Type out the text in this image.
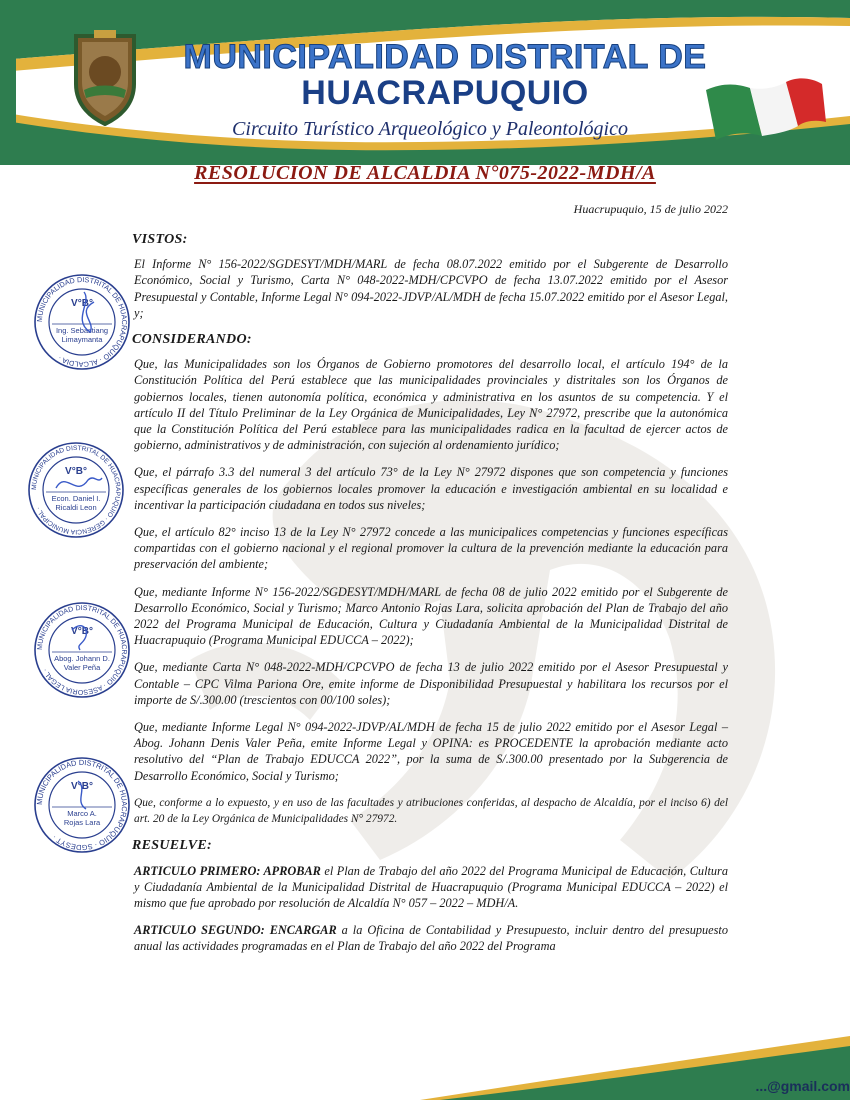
MUNICIPALIDAD DISTRITAL DE
HUACRAPUQUIO
Circuito Turístico Arqueológico y Paleontológico
RESOLUCION DE ALCALDIA N°075-2022-MDH/A
Huacrupuquio, 15 de julio 2022
VISTOS:

El Informe N° 156-2022/SGDESYT/MDH/MARL de fecha 08.07.2022 emitido por el Subgerente de Desarrollo Económico, Social y Turismo, Carta N° 048-2022-MDH/CPCVPO de fecha 13.07.2022 emitido por el Asesor Presupuestal y Contable, Informe Legal N° 094-2022-JDVP/AL/MDH de fecha 15.07.2022 emitido por el Asesor Legal, y;

CONSIDERANDO:

Que, las Municipalidades son los Órganos de Gobierno promotores del desarrollo local, el artículo 194° de la Constitución Política del Perú establece que las municipalidades provinciales y distritales son los Órganos de gobiernos locales, tienen autonomía política, económica y administrativa en los asuntos de su competencia. Y el artículo II del Título Preliminar de la Ley Orgánica de Municipalidades, Ley N° 27972, prescribe que la autonómica que la Constitución Política del Perú establece para las municipalidades radica en la facultad de ejercer actos de gobierno, administrativos y de administración, con sujeción al ordenamiento jurídico;

Que, el párrafo 3.3 del numeral 3 del artículo 73° de la Ley N° 27972 dispones que son competencia y funciones específicas generales de los gobiernos locales promover la educación e investigación ambiental en su localidad e incentivar la participación ciudadana en todos sus niveles;

Que, el artículo 82° inciso 13 de la Ley N° 27972 concede a las municipalices competencias y funciones específicas compartidas con el gobierno nacional y el regional promover la cultura de la prevención mediante la educación para preservación del ambiente;

Que, mediante Informe N° 156-2022/SGDESYT/MDH/MARL de fecha 08 de julio 2022 emitido por el Subgerente de Desarrollo Económico, Social y Turismo; Marco Antonio Rojas Lara, solicita aprobación del Plan de Trabajo del año 2022 del Programa Municipal de Educación, Cultura y Ciudadanía Ambiental de la Municipalidad Distrital de Huacrapuquio (Programa Municipal EDUCCA – 2022);

Que, mediante Carta N° 048-2022-MDH/CPCVPO de fecha 13 de julio 2022 emitido por el Asesor Presupuestal y Contable – CPC Vilma Pariona Ore, emite informe de Disponibilidad Presupuestal y habilitara los recursos por el importe de S/.300.00 (trescientos con 00/100 soles);

Que, mediante Informe Legal N° 094-2022-JDVP/AL/MDH de fecha 15 de julio 2022 emitido por el Asesor Legal – Abog. Johann Denis Valer Peña, emite Informe Legal y OPINA: es PROCEDENTE la aprobación mediante acto resolutivo del “Plan de Trabajo EDUCCA 2022”, por la suma de S/.300.00 presentado por la Subgerencia de Desarrollo Económico, Social y Turismo;

Que, conforme a lo expuesto, y en uso de las facultades y atribuciones conferidas, al despacho de Alcaldía, por el inciso 6) del art. 20 de la Ley Orgánica de Municipalidades N° 27972.

RESUELVE:

ARTICULO PRIMERO: APROBAR el Plan de Trabajo del año 2022 del Programa Municipal de Educación, Cultura y Ciudadanía Ambiental de la Municipalidad Distrital de Huacrapuquio (Programa Municipal EDUCCA – 2022) el mismo que fue aprobado por resolución de Alcaldía N° 057 – 2022 – MDH/A.

ARTICULO SEGUNDO: ENCARGAR a la Oficina de Contabilidad y Presupuesto, incluir dentro del presupuesto anual las actividades programadas en el Plan de Trabajo del año 2022 del Programa

MUNICIPALIDAD DISTRITAL DE HUACRAPUQUIO · ALCALDIA ·
V°B°
Ing. Sebastiang
Limaymanta
MUNICIPALIDAD DISTRITAL DE HUACRAPUQUIO · GERENCIA MUNICIPAL ·
V°B°
Econ. Daniel I.
Ricaldi Leon
MUNICIPALIDAD DISTRITAL DE HUACRAPUQUIO · ASESORIA LEGAL ·
V°B°
Abog. Johann D.
Valer Peña
MUNICIPALIDAD DISTRITAL DE HUACRAPUQUIO · SGDESYT ·
V°B°
Marco A.
Rojas Lara
...@gmail.com
